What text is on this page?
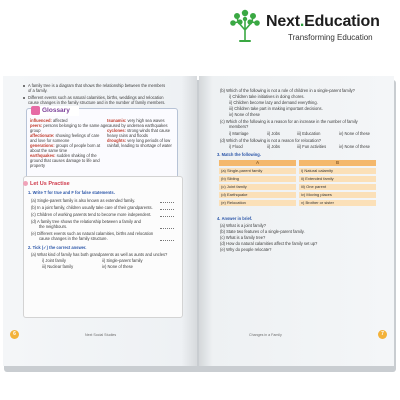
Next.Education
Transforming Education
A family tree is a diagram that shows the relationship between the members
of a family.
Different events such as natural calamities, births, weddings and relocation
cause changes in the family structure and in the number of family members.
Glossary
influenced: affected
peers: persons belonging to the same age
group
affectionate: showing feelings of care
and love for someone
generations: groups of people born at
about the same time
earthquakes: sudden shaking of the
ground that causes damage to life and
property
tsunamis: very high sea waves
caused by undersea earthquakes
cyclones: strong winds that cause
heavy rains and floods
droughts: very long periods of low
rainfall, leading to shortage of water
Let Us Practise
1. Write T for true and F for false statements.
(a) Single-parent family is also known as extended family.
(b) In a joint family, children usually take care of their grandparents.
(c) Children of working parents tend to become more independent.
(d) A family tree shows the relationship between a family and
the neighbours.
(e) Different events such as natural calamities, births and relocation
cause changes in the family structure.
2. Tick (✓) the correct answer.
(a) What kind of family has both grandparents as well as aunts and uncles?
i) Joint family	ii) Single-parent family
iii) Nuclear family	iv) None of these
6	Next Social Studies
(b) Which of the following is not a role of children in a single-parent family?
i) Children take initiatives in doing chores.
ii) Children become lazy and demand everything.
iii) Children take part in making important decisions.
iv) None of these
(c) Which of the following is a reason for an increase in the number of family
members?
i) Marriage	ii) Jobs	iii) Education	iv) None of these
(d) Which of the following is not a reason for relocation?
i) Flood	ii) Jobs	iii) Fun activities	iv) None of these
3. Match the following.
A	B
(a) Single-parent family	i) Natural calamity
(b) Sibling	ii) Extended family
(c) Joint family	iii) One parent
(d) Earthquake	iv) Moving places
(e) Relocation	v) Brother or sister
4. Answer in brief.
(a) What is a joint family?
(b) State two features of a single-parent family.
(c) What is a family tree?
(d) How do natural calamities affect the family set up?
(e) Why do people relocate?
Changes in a Family	7
